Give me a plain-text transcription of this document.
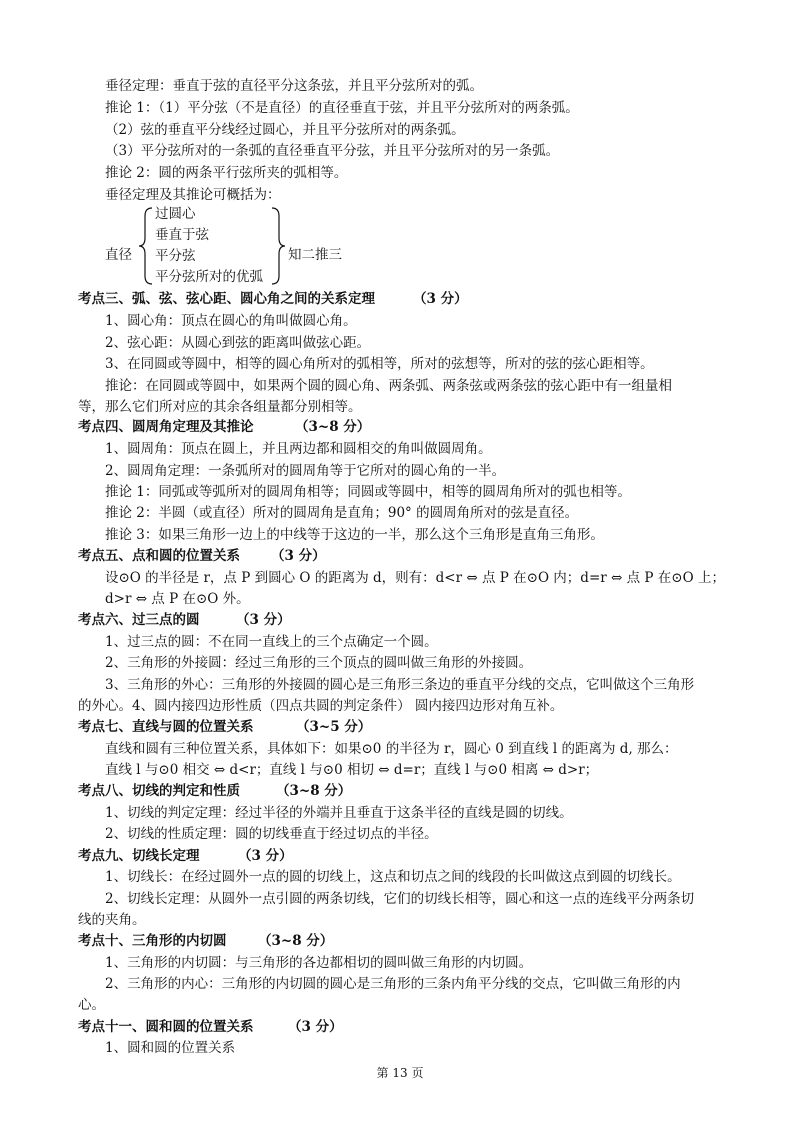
垂径定理：垂直于弦的直径平分这条弦，并且平分弦所对的弧。
推论 1：（1）平分弦（不是直径）的直径垂直于弦，并且平分弦所对的两条弧。
（2）弦的垂直平分线经过圆心，并且平分弦所对的两条弧。
（3）平分弦所对的一条弧的直径垂直平分弦，并且平分弦所对的另一条弧。
推论 2：圆的两条平行弦所夹的弧相等。
垂径定理及其推论可概括为：
直径
过圆心
垂直于弦
平分弦
平分弦所对的优弧
知二推三
考点三、弧、弦、弦心距、圆心角之间的关系定理	（3 分）
1、圆心角：顶点在圆心的角叫做圆心角。
2、弦心距：从圆心到弦的距离叫做弦心距。
3、在同圆或等圆中，相等的圆心角所对的弧相等，所对的弦想等，所对的弦的弦心距相等。
推论：在同圆或等圆中，如果两个圆的圆心角、两条弧、两条弦或两条弦的弦心距中有一组量相
等，那么它们所对应的其余各组量都分别相等。
考点四、圆周角定理及其推论	（3~8 分）
1、圆周角：顶点在圆上，并且两边都和圆相交的角叫做圆周角。
2、圆周角定理：一条弧所对的圆周角等于它所对的圆心角的一半。
推论 1：同弧或等弧所对的圆周角相等；同圆或等圆中，相等的圆周角所对的弧也相等。
推论 2：半圆（或直径）所对的圆周角是直角；90° 的圆周角所对的弦是直径。
推论 3：如果三角形一边上的中线等于这边的一半，那么这个三角形是直角三角形。
考点五、点和圆的位置关系 （3 分）
设⊙O 的半径是 r，点 P 到圆心 O 的距离为 d，则有：d<r ⇔ 点 P 在⊙O 内；d=r ⇔ 点 P 在⊙O 上；
d>r ⇔ 点 P 在⊙O 外。
考点六、过三点的圆	（3 分）
1、过三点的圆：不在同一直线上的三个点确定一个圆。
2、三角形的外接圆：经过三角形的三个顶点的圆叫做三角形的外接圆。
3、三角形的外心：三角形的外接圆的圆心是三角形三条边的垂直平分线的交点，它叫做这个三角形
的外心。4、圆内接四边形性质（四点共圆的判定条件） 圆内接四边形对角互补。
考点七、直线与圆的位置关系	（3~5 分）
直线和圆有三种位置关系，具体如下：如果⊙0 的半径为 r，圆心 0 到直线 l 的距离为 d, 那么：
直线 l 与⊙0 相交 ⇔ d<r；直线 l 与⊙0 相切 ⇔ d=r；直线 l 与⊙0 相离 ⇔ d>r；
考点八、切线的判定和性质	（3~8 分）
1、切线的判定定理：经过半径的外端并且垂直于这条半径的直线是圆的切线。
2、切线的性质定理：圆的切线垂直于经过切点的半径。
考点九、切线长定理	（3 分）
1、切线长：在经过圆外一点的圆的切线上，这点和切点之间的线段的长叫做这点到圆的切线长。
2、切线长定理：从圆外一点引圆的两条切线，它们的切线长相等，圆心和这一点的连线平分两条切
线的夹角。
考点十、三角形的内切圆 （3~8 分）
1、三角形的内切圆：与三角形的各边都相切的圆叫做三角形的内切圆。
2、三角形的内心：三角形的内切圆的圆心是三角形的三条内角平分线的交点，它叫做三角形的内
心。
考点十一、圆和圆的位置关系	（3 分）
1、圆和圆的位置关系
第 13 页
